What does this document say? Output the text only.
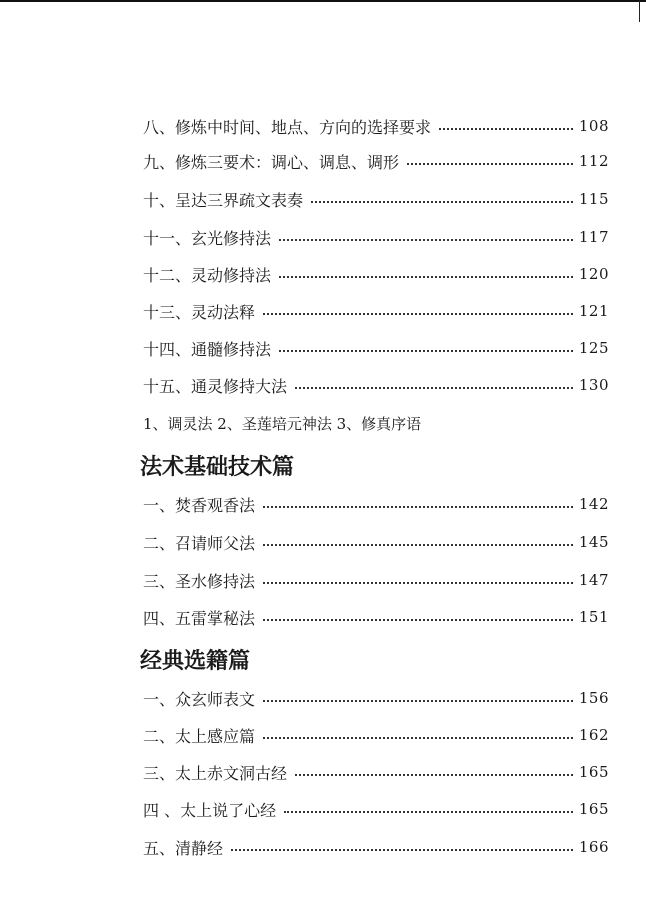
八、修炼中时间、地点、方向的选择要求	108
九、修炼三要术：调心、调息、调形	112
十、呈达三界疏文表奏	115
十一、玄光修持法	117
十二、灵动修持法	120
十三、灵动法释	121
十四、通髓修持法	125
十五、通灵修持大法	130
1、调灵法 2、圣莲培元神法 3、修真序语
法术基础技术篇
一、焚香观香法	142
二、召请师父法	145
三、圣水修持法	147
四、五雷掌秘法	151
经典选籍篇
一、众玄师表文	156
二、太上感应篇	162
三、太上赤文洞古经	165
四 、太上说了心经	165
五、清静经	166
